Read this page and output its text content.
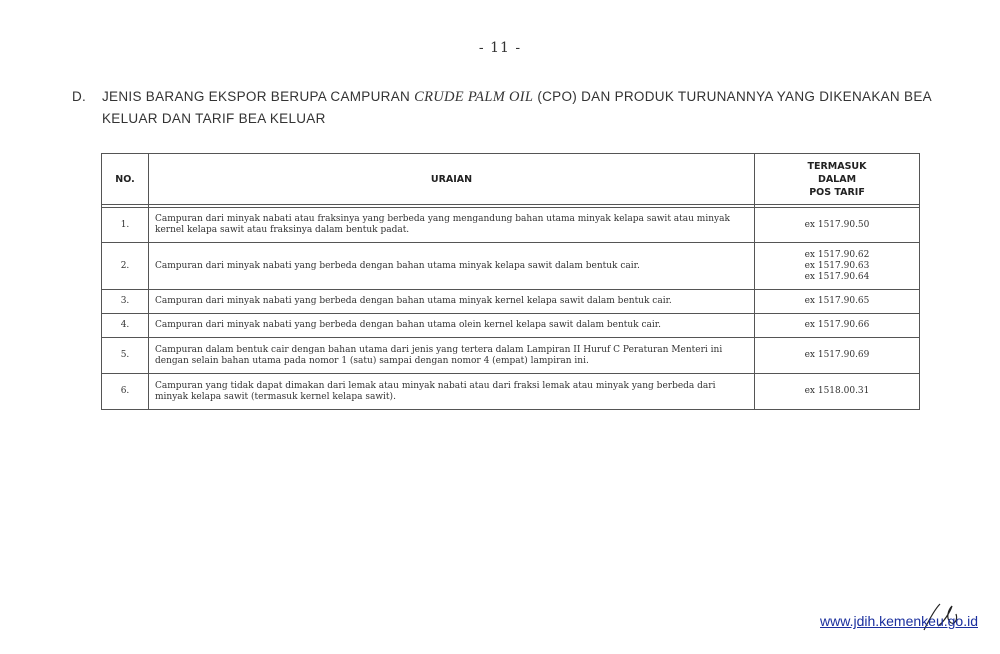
- 11 -
D.	JENIS BARANG EKSPOR BERUPA CAMPURAN CRUDE PALM OIL (CPO) DAN PRODUK TURUNANNYA YANG DIKENAKAN BEA KELUAR DAN TARIF BEA KELUAR
NO.	URAIAN	TERMASUK
DALAM
POS TARIF

1.	Campuran dari minyak nabati atau fraksinya yang berbeda yang mengandung bahan utama minyak kelapa sawit atau minyak kernel kelapa sawit atau fraksinya dalam bentuk padat.	ex 1517.90.50
2.	Campuran dari minyak nabati yang berbeda dengan bahan utama minyak kelapa sawit dalam bentuk cair.	ex 1517.90.62
ex 1517.90.63
ex 1517.90.64
3.	Campuran dari minyak nabati yang berbeda dengan bahan utama minyak kernel kelapa sawit dalam bentuk cair.	ex 1517.90.65
4.	Campuran dari minyak nabati yang berbeda dengan bahan utama olein kernel kelapa sawit dalam bentuk cair.	ex 1517.90.66
5.	Campuran dalam bentuk cair dengan bahan utama dari jenis yang tertera dalam Lampiran II Huruf C Peraturan Menteri ini dengan selain bahan utama pada nomor 1 (satu) sampai dengan nomor 4 (empat) lampiran ini.	ex 1517.90.69
6.	Campuran yang tidak dapat dimakan dari lemak atau minyak nabati atau dari fraksi lemak atau minyak yang berbeda dari minyak kelapa sawit (termasuk kernel kelapa sawit).	ex 1518.00.31
www.jdih.kemenkeu.go.id
